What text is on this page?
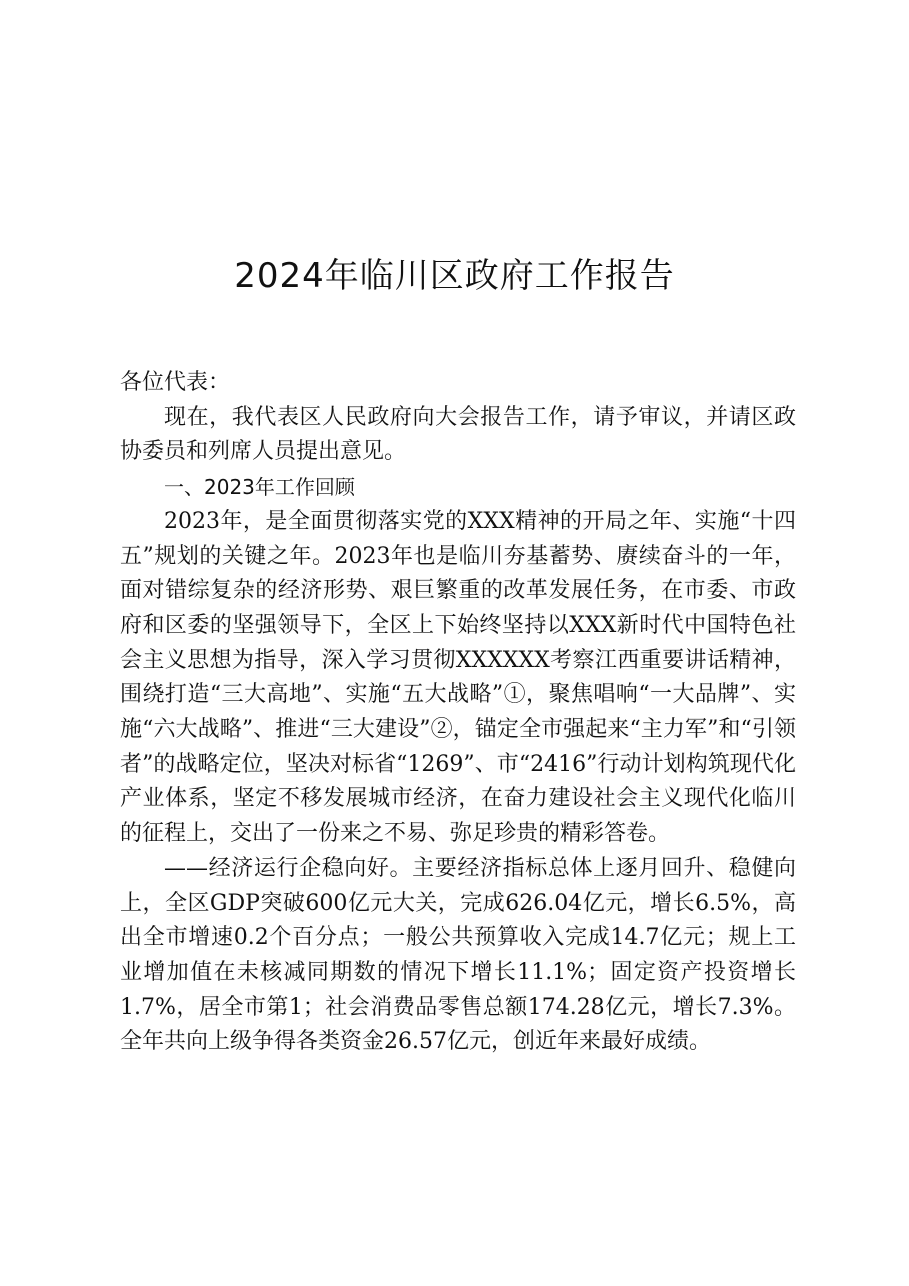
2024年临川区政府工作报告

各位代表：

现在，我代表区人民政府向大会报告工作，请予审议，并请区政协委员和列席人员提出意见。

一、2023年工作回顾

2023年，是全面贯彻落实党的XXX精神的开局之年、实施“十四五”规划的关键之年。2023年也是临川夯基蓄势、赓续奋斗的一年，面对错综复杂的经济形势、艰巨繁重的改革发展任务，在市委、市政府和区委的坚强领导下，全区上下始终坚持以XXX新时代中国特色社会主义思想为指导，深入学习贯彻XXXXXX考察江西重要讲话精神，围绕打造“三大高地”、实施“五大战略”①，聚焦唱响“一大品牌”、实施“六大战略”、推进“三大建设”②，锚定全市强起来“主力军”和“引领者”的战略定位，坚决对标省“1269”、市“2416”行动计划构筑现代化产业体系，坚定不移发展城市经济，在奋力建设社会主义现代化临川的征程上，交出了一份来之不易、弥足珍贵的精彩答卷。

——经济运行企稳向好。主要经济指标总体上逐月回升、稳健向上，全区GDP突破600亿元大关，完成626.04亿元，增长6.5%，高出全市增速0.2个百分点；一般公共预算收入完成14.7亿元；规上工业增加值在未核减同期数的情况下增长11.1%；固定资产投资增长1.7%，居全市第1；社会消费品零售总额174.28亿元，增长7.3%。全年共向上级争得各类资金26.57亿元，创近年来最好成绩。
